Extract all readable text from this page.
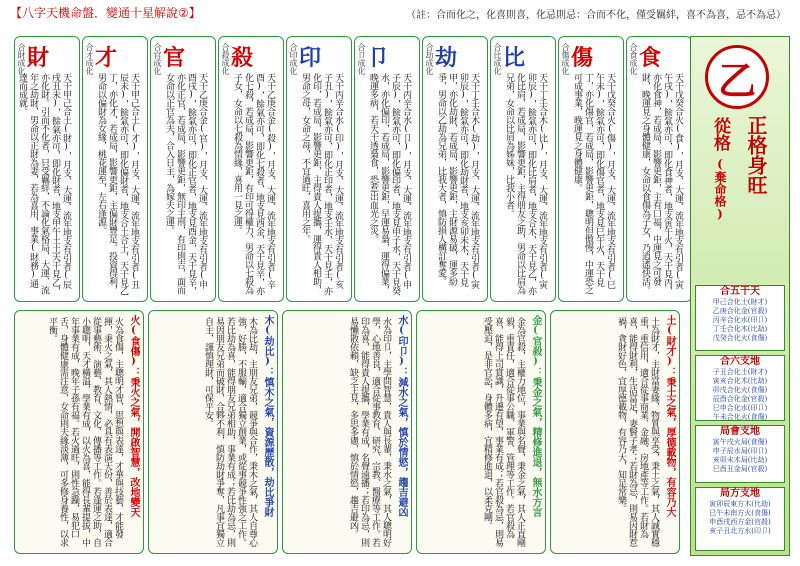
【八字天機命盤．變通十星解說②】	（註：合而化之，化喜則喜，化忌則忌：合而不化，僅受羈絆，喜不為喜，忌不為忌）
財
合財成化
天干甲己合土(財)，月支、大運、流年地支有引者(辰戌丑未)，餘氣亦可，即化財者，地支甲午土土天干見乙，亦化財。引而不化者，只受羈絆，不論化氣格局，大運、流年之劫財，男命以正財為妻，若為喜用，事業(財務)通達而成就。
才
合才成化
天干甲己合土(才)，月支、大運、流年地支有引者(丑辰未)，餘氣亦可，即化偏財者，地支合土合土，天干見乙丁，亦化才，若成局，影響更鉅，主偏財豐足。投資得利，男命以偏財為女緣，桃花運至，左右逢源。
官
合官成化
天干乙庚合金(官)，月支、大運、流年地支有引者(申酉戌)，餘氣亦可，即化正官者，地支見酉金，天干見辛，亦化正官，若成局，影響更鉅，無印主刑，有印則吉，面而女命以正官為夫，合入日主，為嫁夫之運。
殺
合殺成化
天干乙庚合金(殺)，月支、大運、流年地支有引者(辛酉)，餘氣亦可，即化七殺者，地支見酉金，天干見辛，亦化七殺，若成局，影響更鉅，有印可得權力，男命以七殺為子女，女命以七殺為情緣，喜用一見之運。
印
合印成化
天干丙辛合水(印)，月支、大運、流年地支有引者(亥子丑)，餘氣亦可，即化正印者，地支壬水，天干見壬，亦化印，若成局，影響更鉅，主得貴人提攜，運得貴人相助，男命之母，女命之母，不宜過旺，喜用之年。
卩
合卩成化
天干丙辛合水(卩)，月支、大運、流年地支有引者(申子辰)，餘氣亦可，即化偏印者，地支見申子水，天干見癸水，亦化偏印，若成局，影響更鉅，早運易梟，運得偏業，晚運多病，若天干透梟食，恐惹出血光之災。
劫
合劫成化
天干丁壬合木(劫)，月支、大運、流年地支有引者(寅卯辰)，餘氣亦可，即化劫財者，地支亥卯未木，天干見甲，亦化劫財，若成局，影響更鉅，主財源易破，運多紛爭，男命以乙劫為兄弟，比我大者，慎防損人構訂奪愛。
比
合比成化
天干丁壬合木(比)，月支、大運、流年地支有引者(寅卯辰)，餘氣亦可，即化比肩者，地支合木，天干見乙，亦化比肩，若成局，影響更鉅，主得朋友之助，男命以比肩為兄弟，女命以比肩為姊妹，比我小者。
傷
合傷成化
天干戊癸合火(傷)，月支、大運、流年地支有引者(巳午未)，餘氣亦可，即化傷官者，地支見巳午火，天干見丁，亦化傷官，若成局，影響更鉅，聰明但傲慢，中運恐之可成事業，晚運見之身體健康。
食
合食成化
天干戊癸合火(食)，月支、大運、流年地支有引者(寅午戌)，餘氣亦可，即化食神者，地支寅午火，天干見丙，亦化食神，若成局，影響更鉅，主有口福，中運見之可發財，晚運見之身體健康，女命以食傷為子女，乃逍遙快活。
火(食傷)：秉火之氣，開啟智慧，改地變天
火為食傷，主聰明才智，思想與表達，才華與技藝，才能發揮，秉火之氣，其人熱情，必具有表演天份，善於表達，適合從事藝術、演藝、教育、文化、傳播等工作。若逢運之助，自小聰明，天才橫溢，學業有成，以火為喜，能得長輩提拔，中年事業有成，晚年子孫有福。若火過旺，則性急躁，易犯口舌，身體健康需注意，女命則夫緣淡薄，可多修身養性，以求平衡。	木(劫比)：慎木之氣，資源歷散，劫比爭財
木為比劫，主朋友兄弟，競爭與合作，秉木之氣，其人自尊心強，好勝，不服輸，適合獨立創業，或從事競爭性強之工作。若比劫為喜，能得朋友兄弟相助，事業有成；若比劫為忌，則易因朋友兄弟而破財，合夥不利，慎防劫財爭奪，凡事宜獨立自主，謹慎理財，可保平安。	水(印卩)：減水之氣，慎於情慾，趨吉避凶
水為印卩，主學問智慧，貴人與長輩，秉水之氣，其人聰明好學，心地善良，適合從事教育、研究、宗教、醫療等工作。若印為喜，能得貴人提攜，學業有成，名聲遠播；若印為忌，則易懶散依賴，缺乏主見，多思多慮，慎於情慾，趨吉避凶。	金(官殺)：秉金之氣，精修進退，無水方言
金為官殺，主權力地位，事業與名聲，秉金之氣，其人正直剛毅，重責任，適合從事公職、軍警、管理等工作。若官殺為喜，能得上司賞識，升遷有望，事業有成；若官殺為忌，則易受壓迫，是非官訟，身體多病，宜精修進退，以柔克剛。	土(財才)：秉土之氣，厚德載物，有容乃大
土為財才，主財富妻緣，物質與享受，秉土之氣，其人誠實穩重，重信用，適合從事商業、金融、房地產等工作。若財為喜，能得財利，生活富足，妻賢子孝；若財為忌，則易因財惹禍，貪財好色，宜厚德載物，有容乃大，知足常樂。
乙
正格身旺
從格
(棄命格)
合五干天
甲己合化土(財才)
乙庚合化金(官殺)
丙辛合化水(印卩)
丁壬合化木(比劫)
戊癸合化火(食傷)
合六支地
子丑合化土(財才)
寅亥合化木(比劫)
卯戌合化火(食傷)
辰酉合化金(官殺)
巳申合化水(印卩)
午未合化火(食傷)
局會支地
寅午戌火局(食傷)
申子辰水局(印卩)
亥卯未木局(比劫)
巳酉丑金局(官殺)
局方支地
寅卯辰東方木(比劫)
巳午未南方火(食傷)
申酉戌西方金(官殺)
亥子丑北方水(印卩)
